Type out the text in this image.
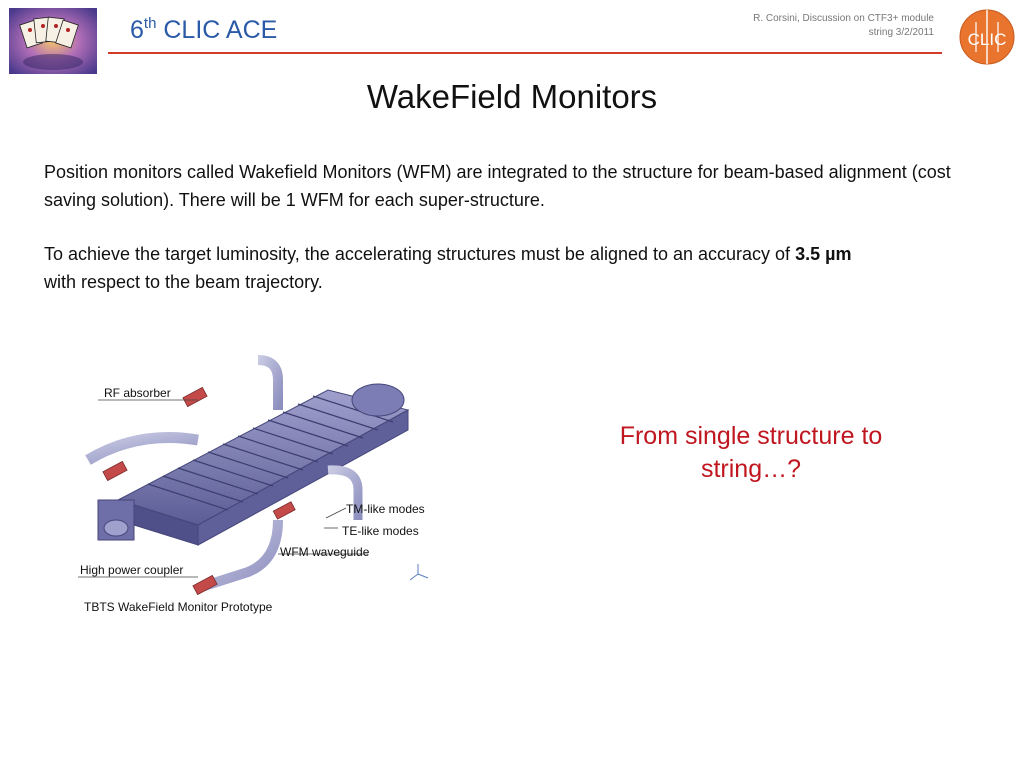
6th CLIC ACE	R. Corsini, Discussion on CTF3+ module
string 3/2/2011 CLIC
WakeField Monitors

Position monitors called Wakefield Monitors (WFM) are integrated to the structure for beam-based alignment (cost saving solution). There will be 1 WFM for each super-structure.

To achieve the target luminosity, the accelerating structures must be aligned to an accuracy of 3.5 µm
with respect to the beam trajectory.

RF absorber
TM-like modes
TE-like modes
WFM waveguide
High power coupler
TBTS WakeField Monitor Prototype
From single structure to
string…?
